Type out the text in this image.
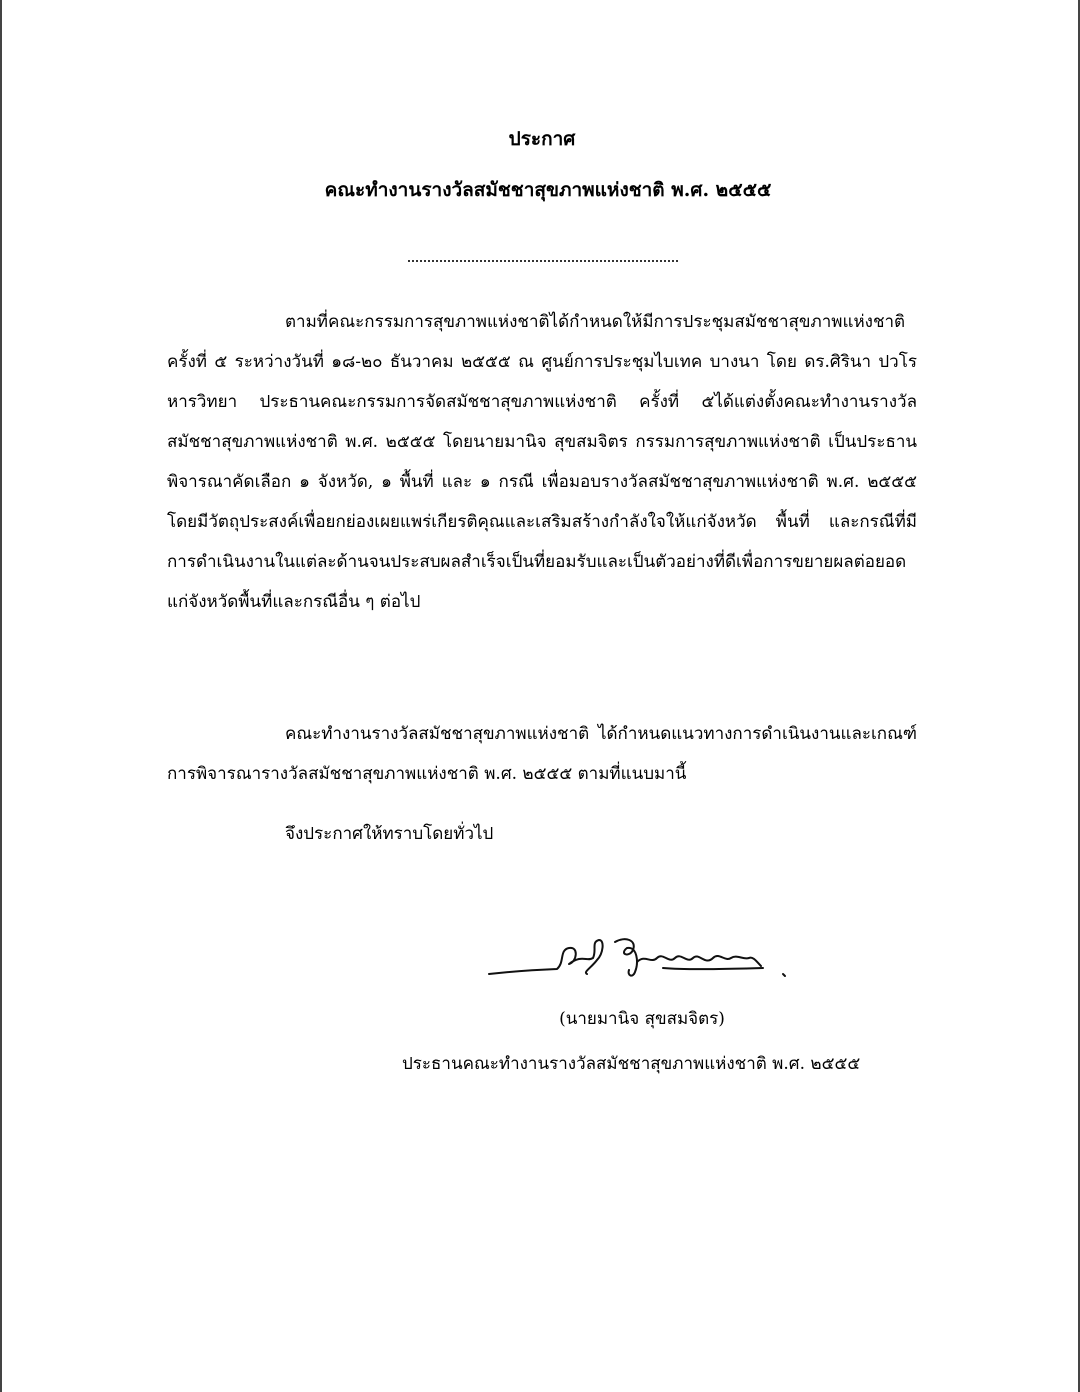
ประกาศ
คณะทำงานรางวัลสมัชชาสุขภาพแห่งชาติ พ.ศ. ๒๕๕๕

ตามที่คณะกรรมการสุขภาพแห่งชาติได้กำหนดให้มีการประชุมสมัชชาสุขภาพแห่งชาติ ครั้งที่ ๕ ระหว่างวันที่ ๑๘-๒๐ ธันวาคม ๒๕๕๕ ณ ศูนย์การประชุมไบเทค บางนา โดย ดร.ศิรินา ปวโรหารวิทยา ประธานคณะกรรมการจัดสมัชชาสุขภาพแห่งชาติ ครั้งที่ ๕ได้แต่งตั้งคณะทำงานรางวัลสมัชชาสุขภาพแห่งชาติ พ.ศ. ๒๕๕๕ โดยนายมานิจ สุขสมจิตร กรรมการสุขภาพแห่งชาติ เป็นประธาน พิจารณาคัดเลือก ๑ จังหวัด, ๑ พื้นที่ และ ๑ กรณี เพื่อมอบรางวัลสมัชชาสุขภาพแห่งชาติ พ.ศ. ๒๕๕๕ โดยมีวัตถุประสงค์เพื่อยกย่องเผยแพร่เกียรติคุณและเสริมสร้างกำลังใจให้แก่จังหวัด พื้นที่ และกรณีที่มีการดำเนินงานในแต่ละด้านจนประสบผลสำเร็จเป็นที่ยอมรับและเป็นตัวอย่างที่ดีเพื่อการขยายผลต่อยอดแก่จังหวัดพื้นที่และกรณีอื่น ๆ ต่อไป

คณะทำงานรางวัลสมัชชาสุขภาพแห่งชาติ ได้กำหนดแนวทางการดำเนินงานและเกณฑ์การพิจารณารางวัลสมัชชาสุขภาพแห่งชาติ พ.ศ. ๒๕๕๕ ตามที่แนบมานี้

จึงประกาศให้ทราบโดยทั่วไป

(นายมานิจ สุขสมจิตร)
ประธานคณะทำงานรางวัลสมัชชาสุขภาพแห่งชาติ พ.ศ. ๒๕๕๕
